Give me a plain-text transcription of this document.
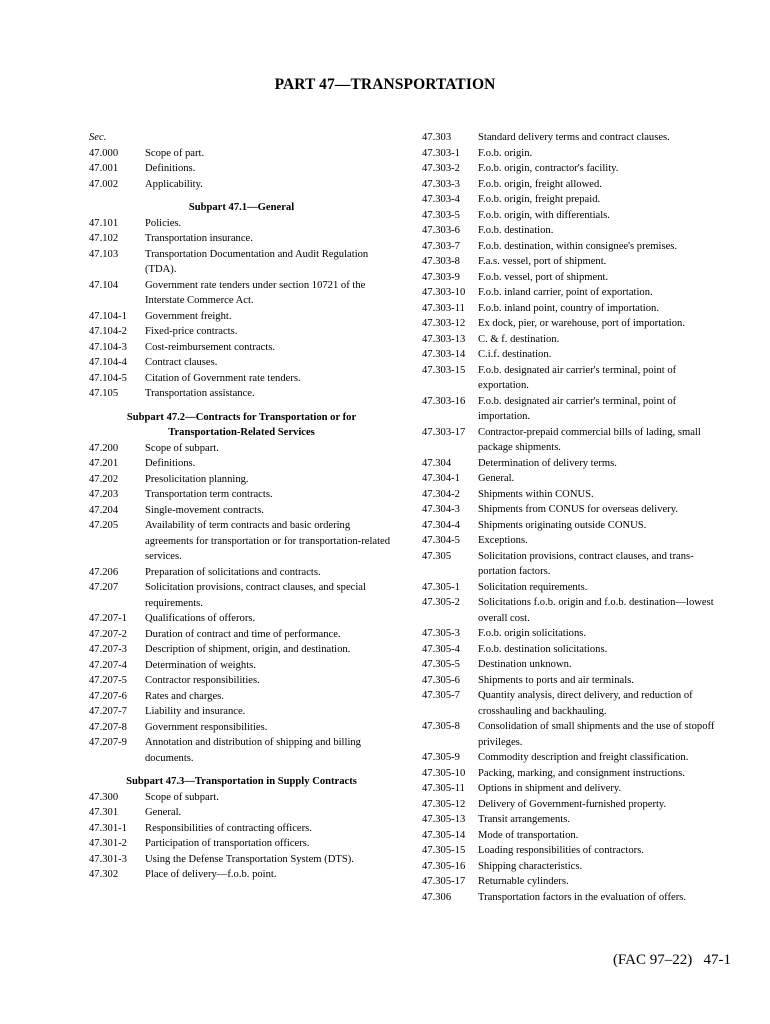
PART 47—TRANSPORTATION
Sec.
47.000	Scope of part.
47.001	Definitions.
47.002	Applicability.
Subpart 47.1—General
47.101	Policies.
47.102	Transportation insurance.
47.103	Transportation Documentation and Audit Regulation (TDA).
47.104	Government rate tenders under section 10721 of the Interstate Commerce Act.
47.104-1	Government freight.
47.104-2	Fixed-price contracts.
47.104-3	Cost-reimbursement contracts.
47.104-4	Contract clauses.
47.104-5	Citation of Government rate tenders.
47.105	Transportation assistance.
Subpart 47.2—Contracts for Transportation or for
Transportation-Related Services
47.200	Scope of subpart.
47.201	Definitions.
47.202	Presolicitation planning.
47.203	Transportation term contracts.
47.204	Single-movement contracts.
47.205	Availability of term contracts and basic ordering agreements for transportation or for transportation-related services.
47.206	Preparation of solicitations and contracts.
47.207	Solicitation provisions, contract clauses, and special requirements.
47.207-1	Qualifications of offerors.
47.207-2	Duration of contract and time of performance.
47.207-3	Description of shipment, origin, and destination.
47.207-4	Determination of weights.
47.207-5	Contractor responsibilities.
47.207-6	Rates and charges.
47.207-7	Liability and insurance.
47.207-8	Government responsibilities.
47.207-9	Annotation and distribution of shipping and billing documents.
Subpart 47.3—Transportation in Supply Contracts
47.300	Scope of subpart.
47.301	General.
47.301-1	Responsibilities of contracting officers.
47.301-2	Participation of transportation officers.
47.301-3	Using the Defense Transportation System (DTS).
47.302	Place of delivery—f.o.b. point.
47.303	Standard delivery terms and contract clauses.
47.303-1	F.o.b. origin.
47.303-2	F.o.b. origin, contractor's facility.
47.303-3	F.o.b. origin, freight allowed.
47.303-4	F.o.b. origin, freight prepaid.
47.303-5	F.o.b. origin, with differentials.
47.303-6	F.o.b. destination.
47.303-7	F.o.b. destination, within consignee's premises.
47.303-8	F.a.s. vessel, port of shipment.
47.303-9	F.o.b. vessel, port of shipment.
47.303-10	F.o.b. inland carrier, point of exportation.
47.303-11	F.o.b. inland point, country of importation.
47.303-12	Ex dock, pier, or warehouse, port of importation.
47.303-13	C. & f. destination.
47.303-14	C.i.f. destination.
47.303-15	F.o.b. designated air carrier's terminal, point of exportation.
47.303-16	F.o.b. designated air carrier's terminal, point of importation.
47.303-17	Contractor-prepaid commercial bills of lading, small package shipments.
47.304	Determination of delivery terms.
47.304-1	General.
47.304-2	Shipments within CONUS.
47.304-3	Shipments from CONUS for overseas delivery.
47.304-4	Shipments originating outside CONUS.
47.304-5	Exceptions.
47.305	Solicitation provisions, contract clauses, and trans-portation factors.
47.305-1	Solicitation requirements.
47.305-2	Solicitations f.o.b. origin and f.o.b. destination—lowest overall cost.
47.305-3	F.o.b. origin solicitations.
47.305-4	F.o.b. destination solicitations.
47.305-5	Destination unknown.
47.305-6	Shipments to ports and air terminals.
47.305-7	Quantity analysis, direct delivery, and reduction of crosshauling and backhauling.
47.305-8	Consolidation of small shipments and the use of stopoff privileges.
47.305-9	Commodity description and freight classification.
47.305-10	Packing, marking, and consignment instructions.
47.305-11	Options in shipment and delivery.
47.305-12	Delivery of Government-furnished property.
47.305-13	Transit arrangements.
47.305-14	Mode of transportation.
47.305-15	Loading responsibilities of contractors.
47.305-16	Shipping characteristics.
47.305-17	Returnable cylinders.
47.306	Transportation factors in the evaluation of offers.
(FAC 97–22)   47-1
